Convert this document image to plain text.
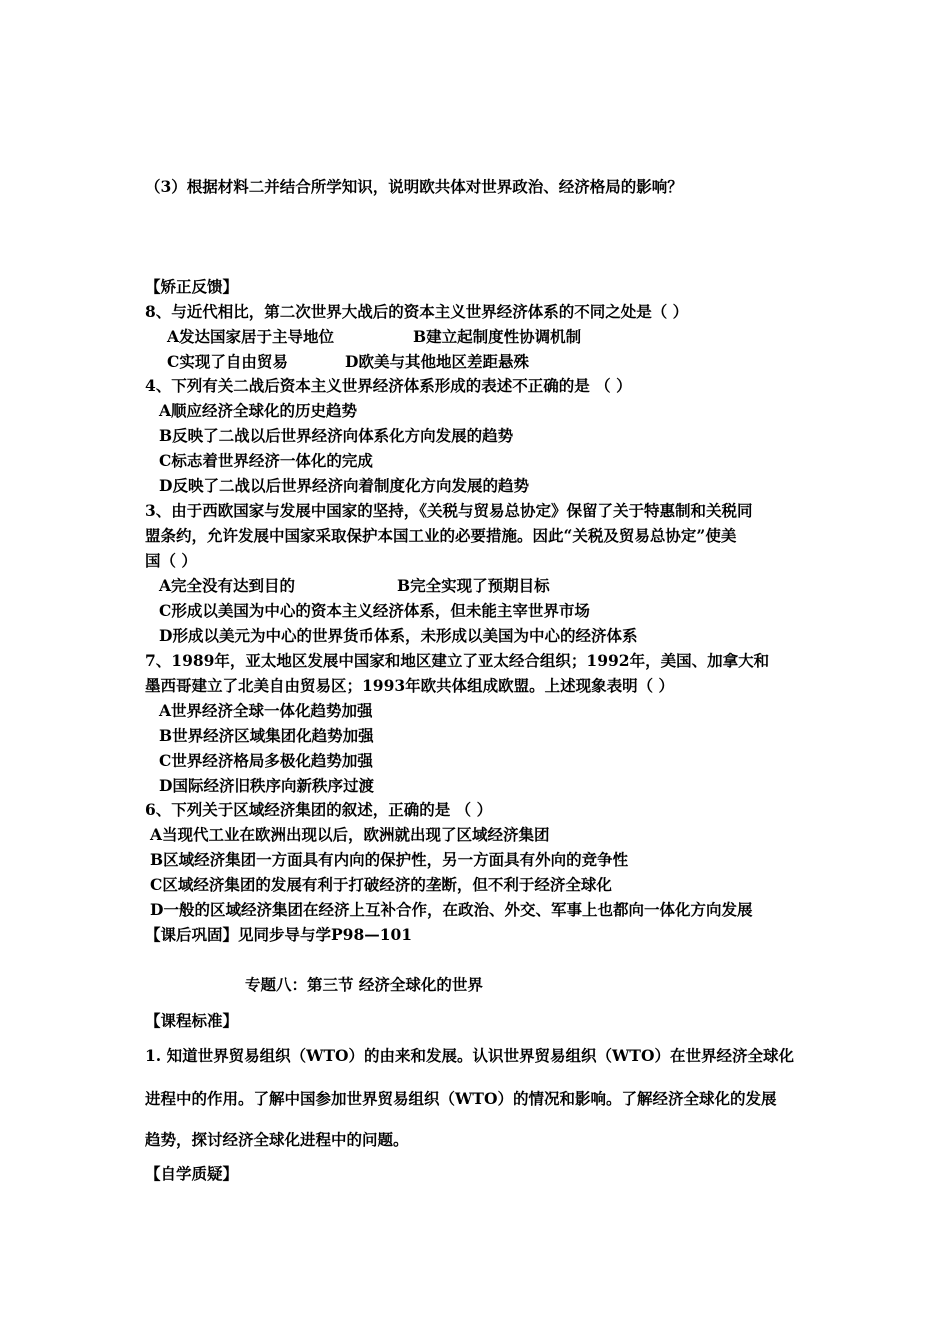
（3）根据材料二并结合所学知识，说明欧共体对世界政治、经济格局的影响？
【矫正反馈】
8、与近代相比，第二次世界大战后的资本主义世界经济体系的不同之处是（ ）
A发达国家居于主导地位	B建立起制度性协调机制
C实现了自由贸易	D欧美与其他地区差距悬殊
4、下列有关二战后资本主义世界经济体系形成的表述不正确的是 （ ）
A顺应经济全球化的历史趋势
B反映了二战以后世界经济向体系化方向发展的趋势
C标志着世界经济一体化的完成
D反映了二战以后世界经济向着制度化方向发展的趋势
3、由于西欧国家与发展中国家的坚持，《关税与贸易总协定》保留了关于特惠制和关税同
盟条约，允许发展中国家采取保护本国工业的必要措施。因此“关税及贸易总协定”使美
国（ ）
A完全没有达到目的	B完全实现了预期目标
C形成以美国为中心的资本主义经济体系，但未能主宰世界市场
D形成以美元为中心的世界货币体系，未形成以美国为中心的经济体系
7、1989年，亚太地区发展中国家和地区建立了亚太经合组织；1992年，美国、加拿大和
墨西哥建立了北美自由贸易区；1993年欧共体组成欧盟。上述现象表明（ ）
A世界经济全球一体化趋势加强
B世界经济区域集团化趋势加强
C世界经济格局多极化趋势加强
D国际经济旧秩序向新秩序过渡
6、下列关于区域经济集团的叙述，正确的是 （ ）
A当现代工业在欧洲出现以后，欧洲就出现了区域经济集团
B区域经济集团一方面具有内向的保护性，另一方面具有外向的竞争性
C区域经济集团的发展有利于打破经济的垄断，但不利于经济全球化
D一般的区域经济集团在经济上互补合作，在政治、外交、军事上也都向一体化方向发展
【课后巩固】见同步导与学P98—101
专题八：第三节 经济全球化的世界
【课程标准】
1. 知道世界贸易组织（WTO）的由来和发展。认识世界贸易组织（WTO）在世界经济全球化
进程中的作用。了解中国参加世界贸易组织（WTO）的情况和影响。了解经济全球化的发展
趋势，探讨经济全球化进程中的问题。
【自学质疑】
